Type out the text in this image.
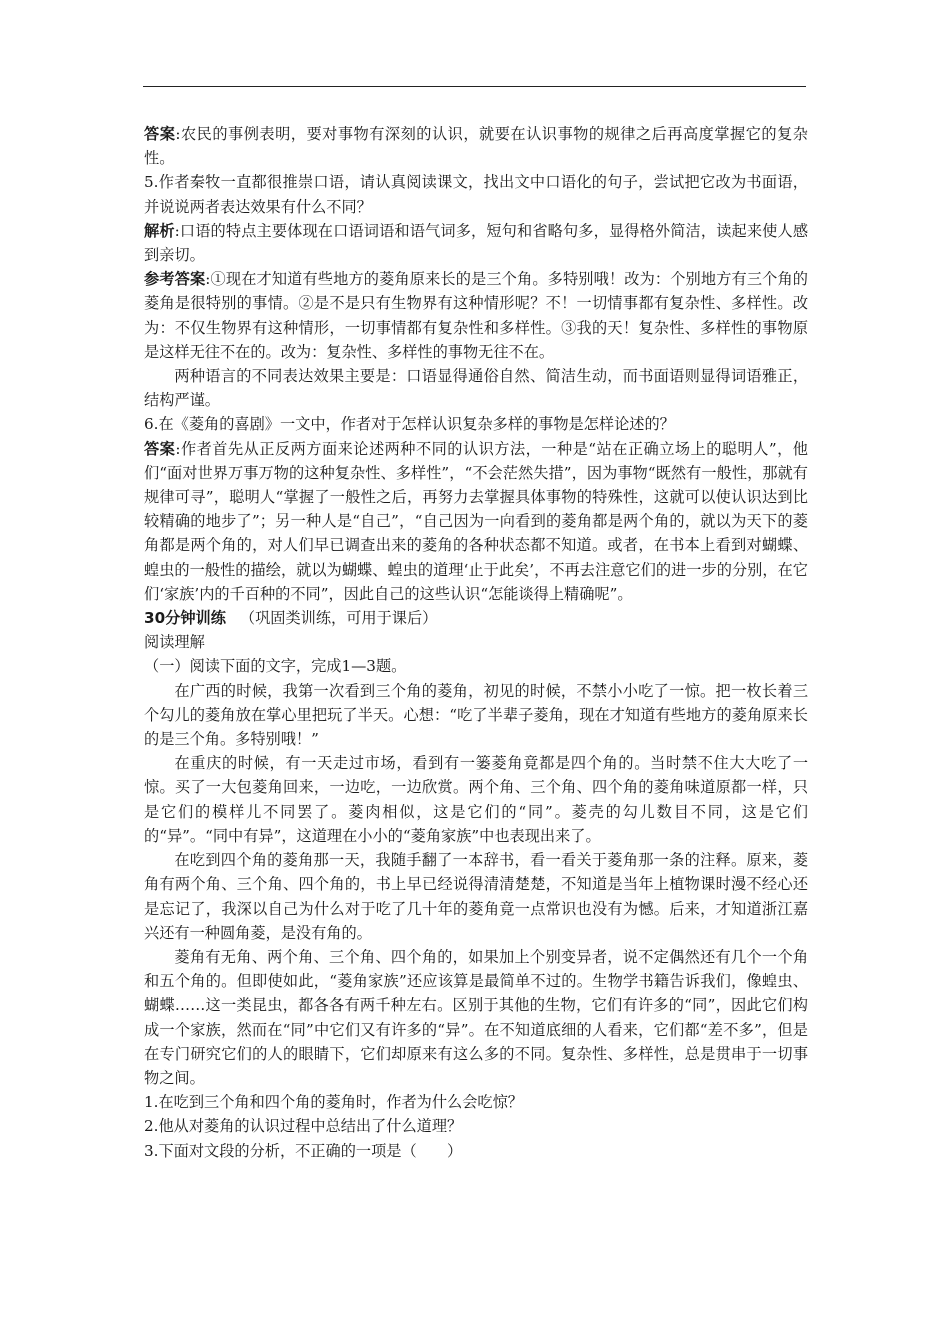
答案:农民的事例表明，要对事物有深刻的认识，就要在认识事物的规律之后再高度掌握它的复杂性。

5.作者秦牧一直都很推崇口语，请认真阅读课文，找出文中口语化的句子，尝试把它改为书面语，并说说两者表达效果有什么不同？

解析:口语的特点主要体现在口语词语和语气词多，短句和省略句多，显得格外简洁，读起来使人感到亲切。

参考答案:①现在才知道有些地方的菱角原来长的是三个角。多特别哦！改为：个别地方有三个角的菱角是很特别的事情。②是不是只有生物界有这种情形呢？不！一切情事都有复杂性、多样性。改为：不仅生物界有这种情形，一切事情都有复杂性和多样性。③我的天！复杂性、多样性的事物原是这样无往不在的。改为：复杂性、多样性的事物无往不在。

两种语言的不同表达效果主要是：口语显得通俗自然、简洁生动，而书面语则显得词语雅正，结构严谨。

6.在《菱角的喜剧》一文中，作者对于怎样认识复杂多样的事物是怎样论述的？

答案:作者首先从正反两方面来论述两种不同的认识方法，一种是“站在正确立场上的聪明人”，他们“面对世界万事万物的这种复杂性、多样性”，“不会茫然失措”，因为事物“既然有一般性，那就有规律可寻”，聪明人“掌握了一般性之后，再努力去掌握具体事物的特殊性，这就可以使认识达到比较精确的地步了”；另一种人是“自己”，“自己因为一向看到的菱角都是两个角的，就以为天下的菱角都是两个角的，对人们早已调查出来的菱角的各种状态都不知道。或者，在书本上看到对蝴蝶、蝗虫的一般性的描绘，就以为蝴蝶、蝗虫的道理‘止于此矣’，不再去注意它们的进一步的分别，在它们‘家族’内的千百种的不同”，因此自己的这些认识“怎能谈得上精确呢”。

30分钟训练 （巩固类训练，可用于课后）

阅读理解

（一）阅读下面的文字，完成1—3题。

在广西的时候，我第一次看到三个角的菱角，初见的时候，不禁小小吃了一惊。把一枚长着三个勾儿的菱角放在掌心里把玩了半天。心想：“吃了半辈子菱角，现在才知道有些地方的菱角原来长的是三个角。多特别哦！”

在重庆的时候，有一天走过市场，看到有一篓菱角竟都是四个角的。当时禁不住大大吃了一惊。买了一大包菱角回来，一边吃，一边欣赏。两个角、三个角、四个角的菱角味道原都一样，只是它们的模样儿不同罢了。菱肉相似，这是它们的“同”。菱壳的勾儿数目不同，这是它们的“异”。“同中有异”，这道理在小小的“菱角家族”中也表现出来了。

在吃到四个角的菱角那一天，我随手翻了一本辞书，看一看关于菱角那一条的注释。原来，菱角有两个角、三个角、四个角的，书上早已经说得清清楚楚，不知道是当年上植物课时漫不经心还是忘记了，我深以自己为什么对于吃了几十年的菱角竟一点常识也没有为憾。后来，才知道浙江嘉兴还有一种圆角菱，是没有角的。

菱角有无角、两个角、三个角、四个角的，如果加上个别变异者，说不定偶然还有几个一个角和五个角的。但即使如此，“菱角家族”还应该算是最简单不过的。生物学书籍告诉我们，像蝗虫、蝴蝶……这一类昆虫，都各各有两千种左右。区别于其他的生物，它们有许多的“同”，因此它们构成一个家族，然而在“同”中它们又有许多的“异”。在不知道底细的人看来，它们都“差不多”，但是在专门研究它们的人的眼睛下，它们却原来有这么多的不同。复杂性、多样性，总是贯串于一切事物之间。

1.在吃到三个角和四个角的菱角时，作者为什么会吃惊？

2.他从对菱角的认识过程中总结出了什么道理？

3.下面对文段的分析，不正确的一项是（　　）
